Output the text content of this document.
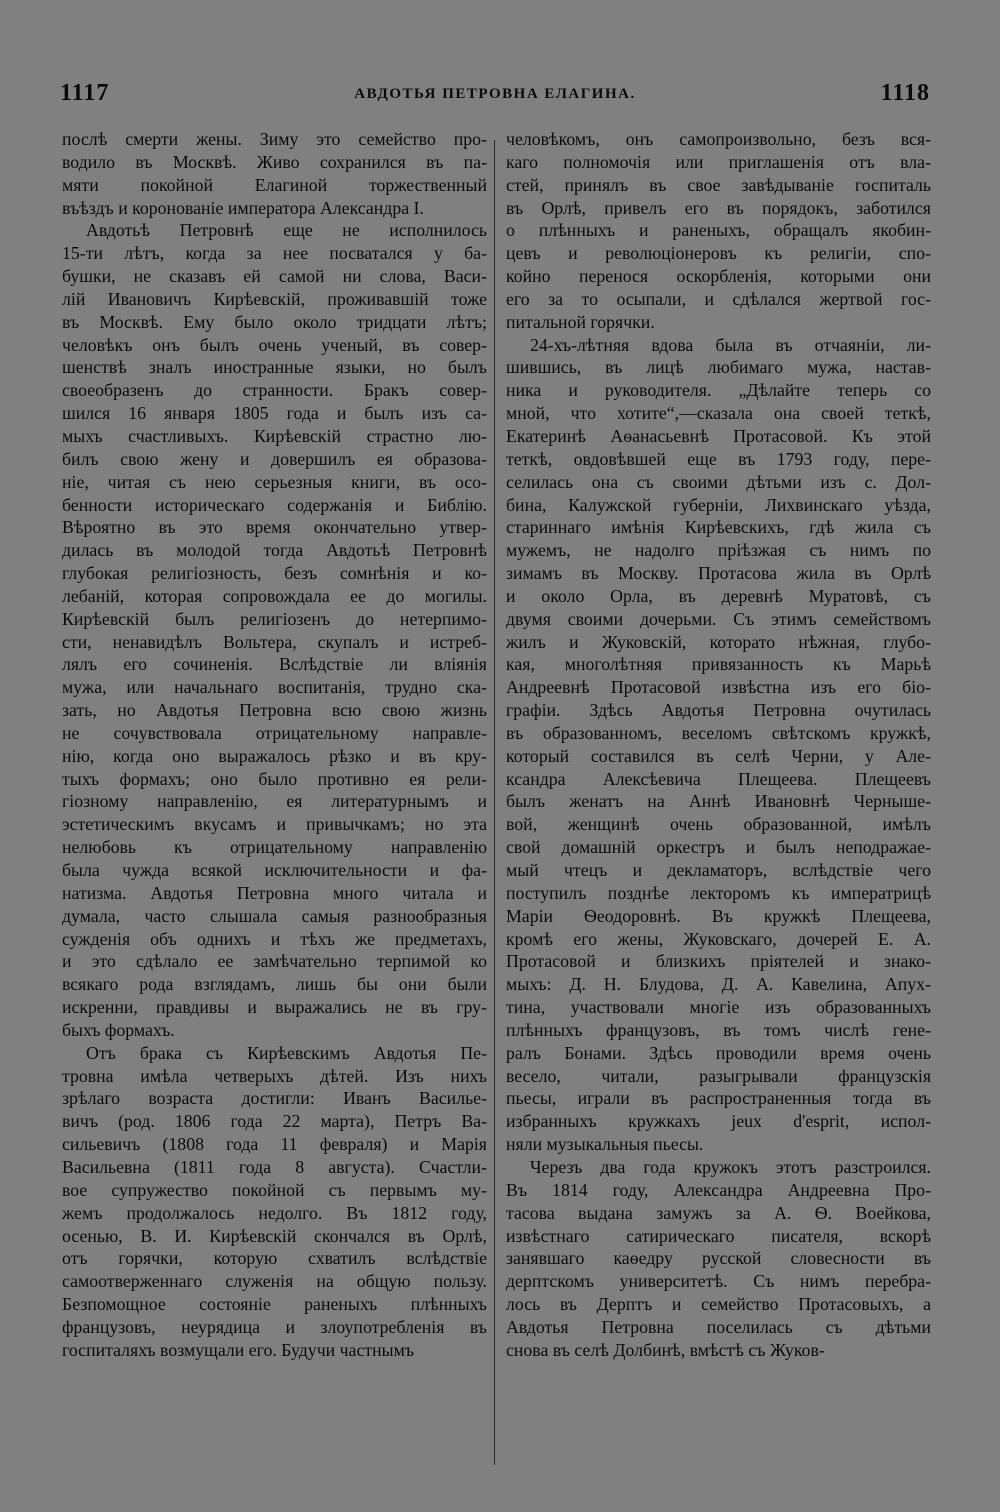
1117	АВДОТЬЯ ПЕТРОВНА ЕЛАГИНА.	1118
послѣ смерти жены. Зиму это семейство про-
водило въ Москвѣ. Живо сохранился въ па-
мяти покойной Елагиной торжественный
въѣздъ и коронованіе императора Александра I.
Авдотьѣ Петровнѣ еще не исполнилось
15-ти лѣтъ, когда за нее посватался у ба-
бушки, не сказавъ ей самой ни слова, Васи-
лій Ивановичъ Кирѣевскій, проживавшій тоже
въ Москвѣ. Ему было около тридцати лѣтъ;
человѣкъ онъ былъ очень ученый, въ совер-
шенствѣ зналъ иностранные языки, но былъ
своеобразенъ до странности. Бракъ совер-
шился 16 января 1805 года и былъ изъ са-
мыхъ счастливыхъ. Кирѣевскій страстно лю-
билъ свою жену и довершилъ ея образова-
ніе, читая съ нею серьезныя книги, въ осо-
бенности историческаго содержанія и Библію.
Вѣроятно въ это время окончательно утвер-
дилась въ молодой тогда Авдотьѣ Петровнѣ
глубокая религіозность, безъ сомнѣнія и ко-
лебаній, которая сопровождала ее до могилы.
Кирѣевскій былъ религіозенъ до нетерпимо-
сти, ненавидѣлъ Вольтера, скупалъ и истреб-
лялъ его сочиненія. Вслѣдствіе ли вліянія
мужа, или начальнаго воспитанія, трудно ска-
зать, но Авдотья Петровна всю свою жизнь
не сочувствовала отрицательному направле-
нію, когда оно выражалось рѣзко и въ кру-
тыхъ формахъ; оно было противно ея рели-
гіозному направленію, ея литературнымъ и
эстетическимъ вкусамъ и привычкамъ; но эта
нелюбовь къ отрицательному направленію
была чужда всякой исключительности и фа-
натизма. Авдотья Петровна много читала и
думала, часто слышала самыя разнообразныя
сужденія объ однихъ и тѣхъ же предметахъ,
и это сдѣлало ее замѣчательно терпимой ко
всякаго рода взглядамъ, лишь бы они были
искренни, правдивы и выражались не въ гру-
быхъ формахъ.
Отъ брака съ Кирѣевскимъ Авдотья Пе-
тровна имѣла четверыхъ дѣтей. Изъ нихъ
зрѣлаго возраста достигли: Иванъ Васильe-
вичъ (род. 1806 года 22 марта), Петръ Ва-
сильевичъ (1808 года 11 февраля) и Марія
Васильевна (1811 года 8 августа). Счастли-
вое супружество покойной съ первымъ му-
жемъ продолжалось недолго. Въ 1812 году,
осенью, В. И. Кирѣевскій скончался въ Орлѣ,
отъ горячки, которую схватилъ вслѣдствіе
самоотверженнаго служенія на общую пользу.
Безпомощное состояніе раненыхъ плѣнныхъ
французовъ, неурядица и злоупотребленія въ
госпиталяхъ возмущали его. Будучи частнымъ
человѣкомъ, онъ самопроизвольно, безъ вся-
каго полномочія или приглашенія отъ вла-
стей, принялъ въ свое завѣдываніе госпиталь
въ Орлѣ, привелъ его въ порядокъ, заботился
о плѣнныхъ и раненыхъ, обращалъ якобин-
цевъ и революціонеровъ къ религіи, спо-
койно перенося оскорбленія, которыми они
его за то осыпали, и сдѣлался жертвой гос-
питальной горячки.
24-хъ-лѣтняя вдова была въ отчаяніи, ли-
шившись, въ лицѣ любимаго мужа, настав-
ника и руководителя. „Дѣлайте теперь со
мной, что хотите“,—сказала она своей теткѣ,
Екатеринѣ Аѳанасьевнѣ Протасовой. Къ этой
теткѣ, овдовѣвшей еще въ 1793 году, пере-
селилась она съ своими дѣтьми изъ с. Дол-
бина, Калужской губерніи, Лихвинскаго уѣзда,
стариннаго имѣнія Кирѣевскихъ, гдѣ жила съ
мужемъ, не надолго пріѣзжая съ нимъ по
зимамъ въ Москву. Протасова жила въ Орлѣ
и около Орла, въ деревнѣ Муратовѣ, съ
двумя своими дочерьми. Съ этимъ семействомъ
жилъ и Жуковскій, которато нѣжная, глубо-
кая, многолѣтняя привязанность къ Марьѣ
Андреевнѣ Протасовой извѣстна изъ его біо-
графіи. Здѣсь Авдотья Петровна очутилась
въ образованномъ, веселомъ свѣтскомъ кружкѣ,
который составился въ селѣ Черни, у Але-
ксандра Алексѣевича Плещеева. Плещеевъ
былъ женатъ на Аннѣ Ивановнѣ Чернышe-
вой, женщинѣ очень образованной, имѣлъ
свой домашній оркестръ и былъ неподражае-
мый чтецъ и декламаторъ, вслѣдствіе чего
поступилъ позднѣе лекторомъ къ императрицѣ
Маріи Ѳеодоровнѣ. Въ кружкѣ Плещеева,
кромѣ его жены, Жуковскаго, дочерей Е. А.
Протасовой и близкихъ пріятелей и знако-
мыхъ: Д. Н. Блудова, Д. А. Кавелина, Апух-
тина, участвовали многіе изъ образованныхъ
плѣнныхъ французовъ, въ томъ числѣ гене-
ралъ Бонами. Здѣсь проводили время очень
весело, читали, разыгрывали французскія
пьесы, играли въ распространенныя тогда въ
избранныхъ кружкахъ jeux d'esprit, испол-
няли музыкальныя пьесы.
Черезъ два года кружокъ этотъ разстроился.
Въ 1814 году, Александра Андреевна Про-
тасова выдана замужъ за А. Ѳ. Воейкова,
извѣстнаго сатирическаго писателя, вскорѣ
занявшаго каѳедру русской словесности въ
дерптскомъ университетѣ. Съ нимъ перебра-
лось въ Дерптъ и семейство Протасовыхъ, а
Авдотья Петровна поселилась съ дѣтьми
снова въ селѣ Долбинѣ, вмѣстѣ съ Жуков-
